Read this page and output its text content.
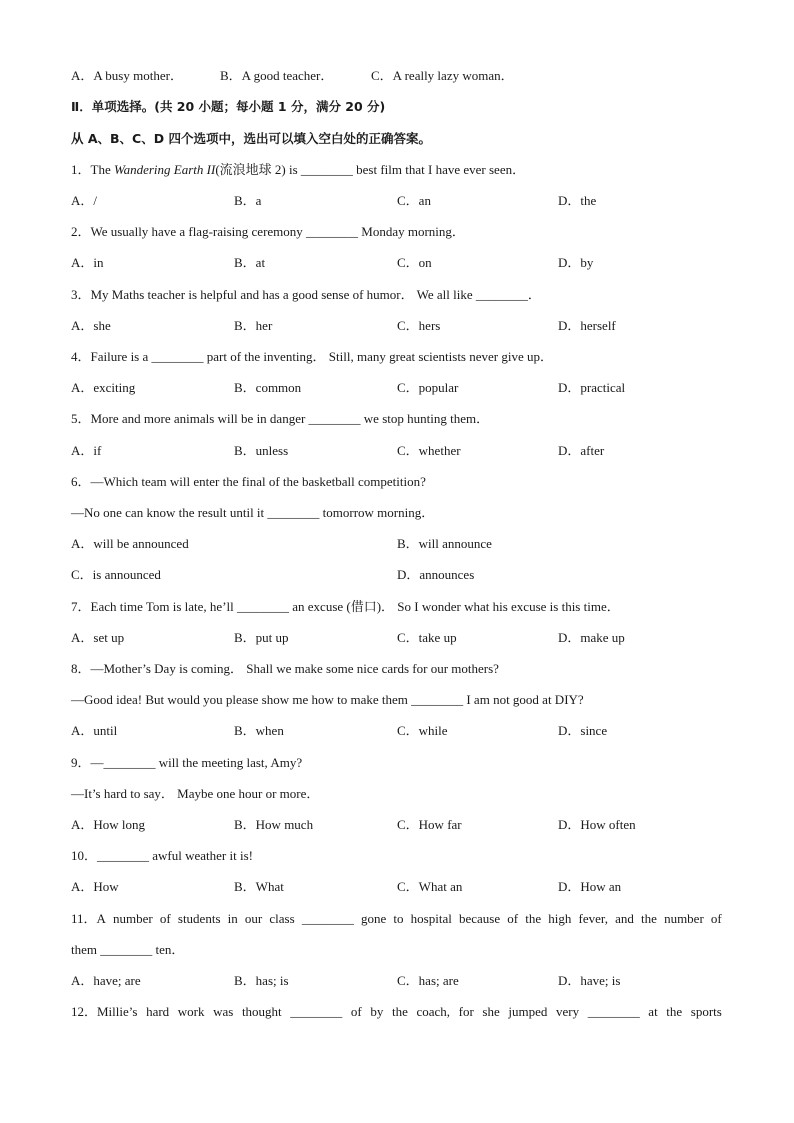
A．A busy mother．	B．A good teacher．	C．A really lazy woman．
Ⅱ．单项选择。(共 20 小题；每小题 1 分，满分 20 分)
从 A、B、C、D 四个选项中，选出可以填入空白处的正确答案。
1．The Wandering Earth II(流浪地球 2) is ________ best film that I have ever seen．
A．/	B．a	C．an	D．the
2．We usually have a flag-raising ceremony ________ Monday morning．
A．in	B．at	C．on	D．by
3．My Maths teacher is helpful and has a good sense of humor． We all like ________．
A．she	B．her	C．hers	D．herself
4．Failure is a ________ part of the inventing． Still, many great scientists never give up．
A．exciting	B．common	C．popular	D．practical
5．More and more animals will be in danger ________ we stop hunting them．
A．if	B．unless	C．whether	D．after
6．—Which team will enter the final of the basketball competition?
—No one can know the result until it ________ tomorrow morning．
A．will be announced	B．will announce
C．is announced	D．announces
7．Each time Tom is late, he’ll ________ an excuse (借口)． So I wonder what his excuse is this time．
A．set up	B．put up	C．take up	D．make up
8．—Mother’s Day is coming． Shall we make some nice cards for our mothers?
—Good idea! But would you please show me how to make them ________ I am not good at DIY?
A．until	B．when	C．while	D．since
9．—________ will the meeting last, Amy?
—It’s hard to say． Maybe one hour or more．
A．How long	B．How much	C．How far	D．How often
10．________ awful weather it is!
A．How	B．What	C．What an	D．How an
11．A number of students in our class ________ gone to hospital because of the high fever, and the number of
them ________ ten．
A．have; are	B．has; is	C．has; are	D．have; is
12．Millie’s hard work was thought ________ of by the coach, for she jumped very ________ at the sports
